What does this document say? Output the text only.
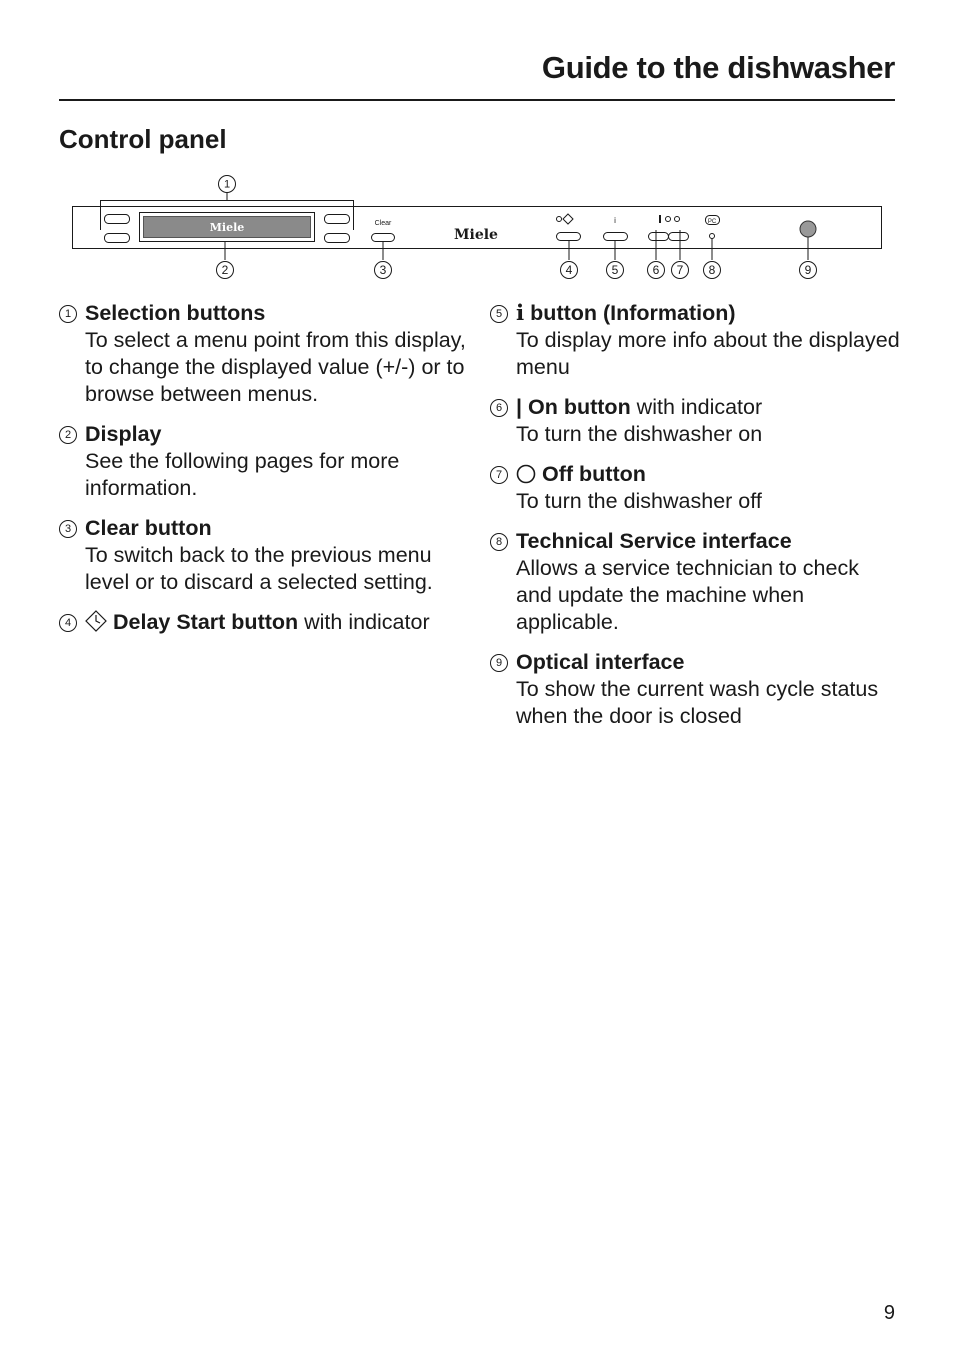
Guide to the dishwasher
Control panel
1
2	3	4	5	6 7 8	9
Clear	i	PC
Miele	Miele
1 Selection buttons
To select a menu point from this display, to change the displayed value (+/-) or to browse between menus.
2 Display
See the following pages for more information.
3 Clear button
To switch back to the previous menu level or to discard a selected setting.
4	Delay Start button with indicator
5 i button (Information)
To display more info about the displayed menu
6 | On button with indicator
To turn the dishwasher on
7	Off button
To turn the dishwasher off
8 Technical Service interface
Allows a service technician to check and update the machine when applicable.
9 Optical interface
To show the current wash cycle status when the door is closed
9
